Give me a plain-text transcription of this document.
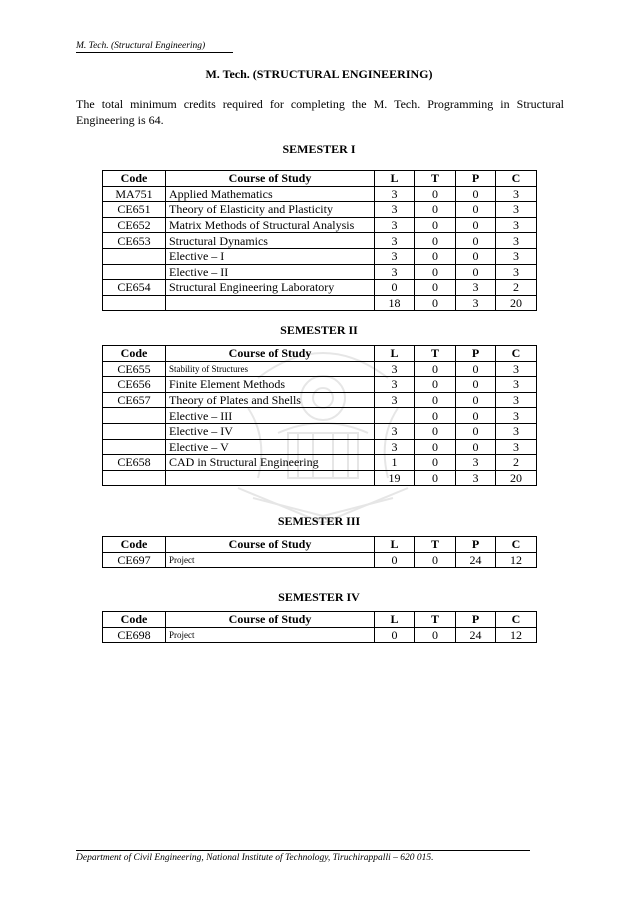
M. Tech. (Structural Engineering)
M. Tech. (STRUCTURAL ENGINEERING)
The total minimum credits required for completing the M. Tech. Programming in Structural Engineering is 64.
SEMESTER I
Code	Course of Study	L	T	P	C
MA751	Applied Mathematics	3	0	0	3
CE651	Theory of Elasticity and Plasticity	3	0	0	3
CE652	Matrix Methods of Structural Analysis	3	0	0	3
CE653	Structural Dynamics	3	0	0	3
	Elective – I	3	0	0	3
	Elective – II	3	0	0	3
CE654	Structural Engineering Laboratory	0	0	3	2
		18	0	3	20
SEMESTER II
Code	Course of Study	L	T	P	C
CE655	Stability of Structures	3	0	0	3
CE656	Finite Element Methods	3	0	0	3
CE657	Theory of Plates and Shells	3	0	0	3
	Elective – III		0	0	3
	Elective – IV	3	0	0	3
	Elective – V	3	0	0	3
CE658	CAD in Structural Engineering	1	0	3	2
		19	0	3	20
SEMESTER III
Code	Course of Study	L	T	P	C
CE697	Project	0	0	24	12
SEMESTER IV
Code	Course of Study	L	T	P	C
CE698	Project	0	0	24	12
Department of Civil Engineering, National Institute of Technology, Tiruchirappalli – 620 015.
